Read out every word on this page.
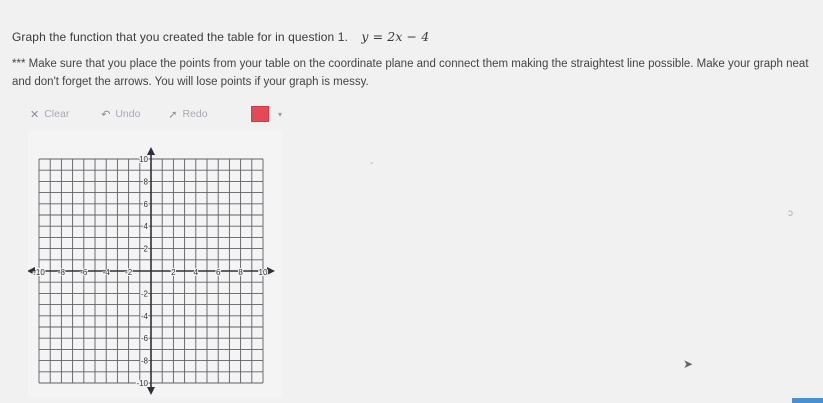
Graph the function that you created the table for in question 1. y = 2x − 4
*** Make sure that you place the points from your table on the coordinate plane and connect them making the straightest line possible. Make your graph neat and don't forget the arrows. You will lose points if your graph is messy.
✕ Clear	↶ Undo	➚ Redo	▾
-10 -8 -6 -4 -2	2 4 6 8 10
10
8
6
4
2
-2
-4
-6
-8
-10
-
ↄ
➤
